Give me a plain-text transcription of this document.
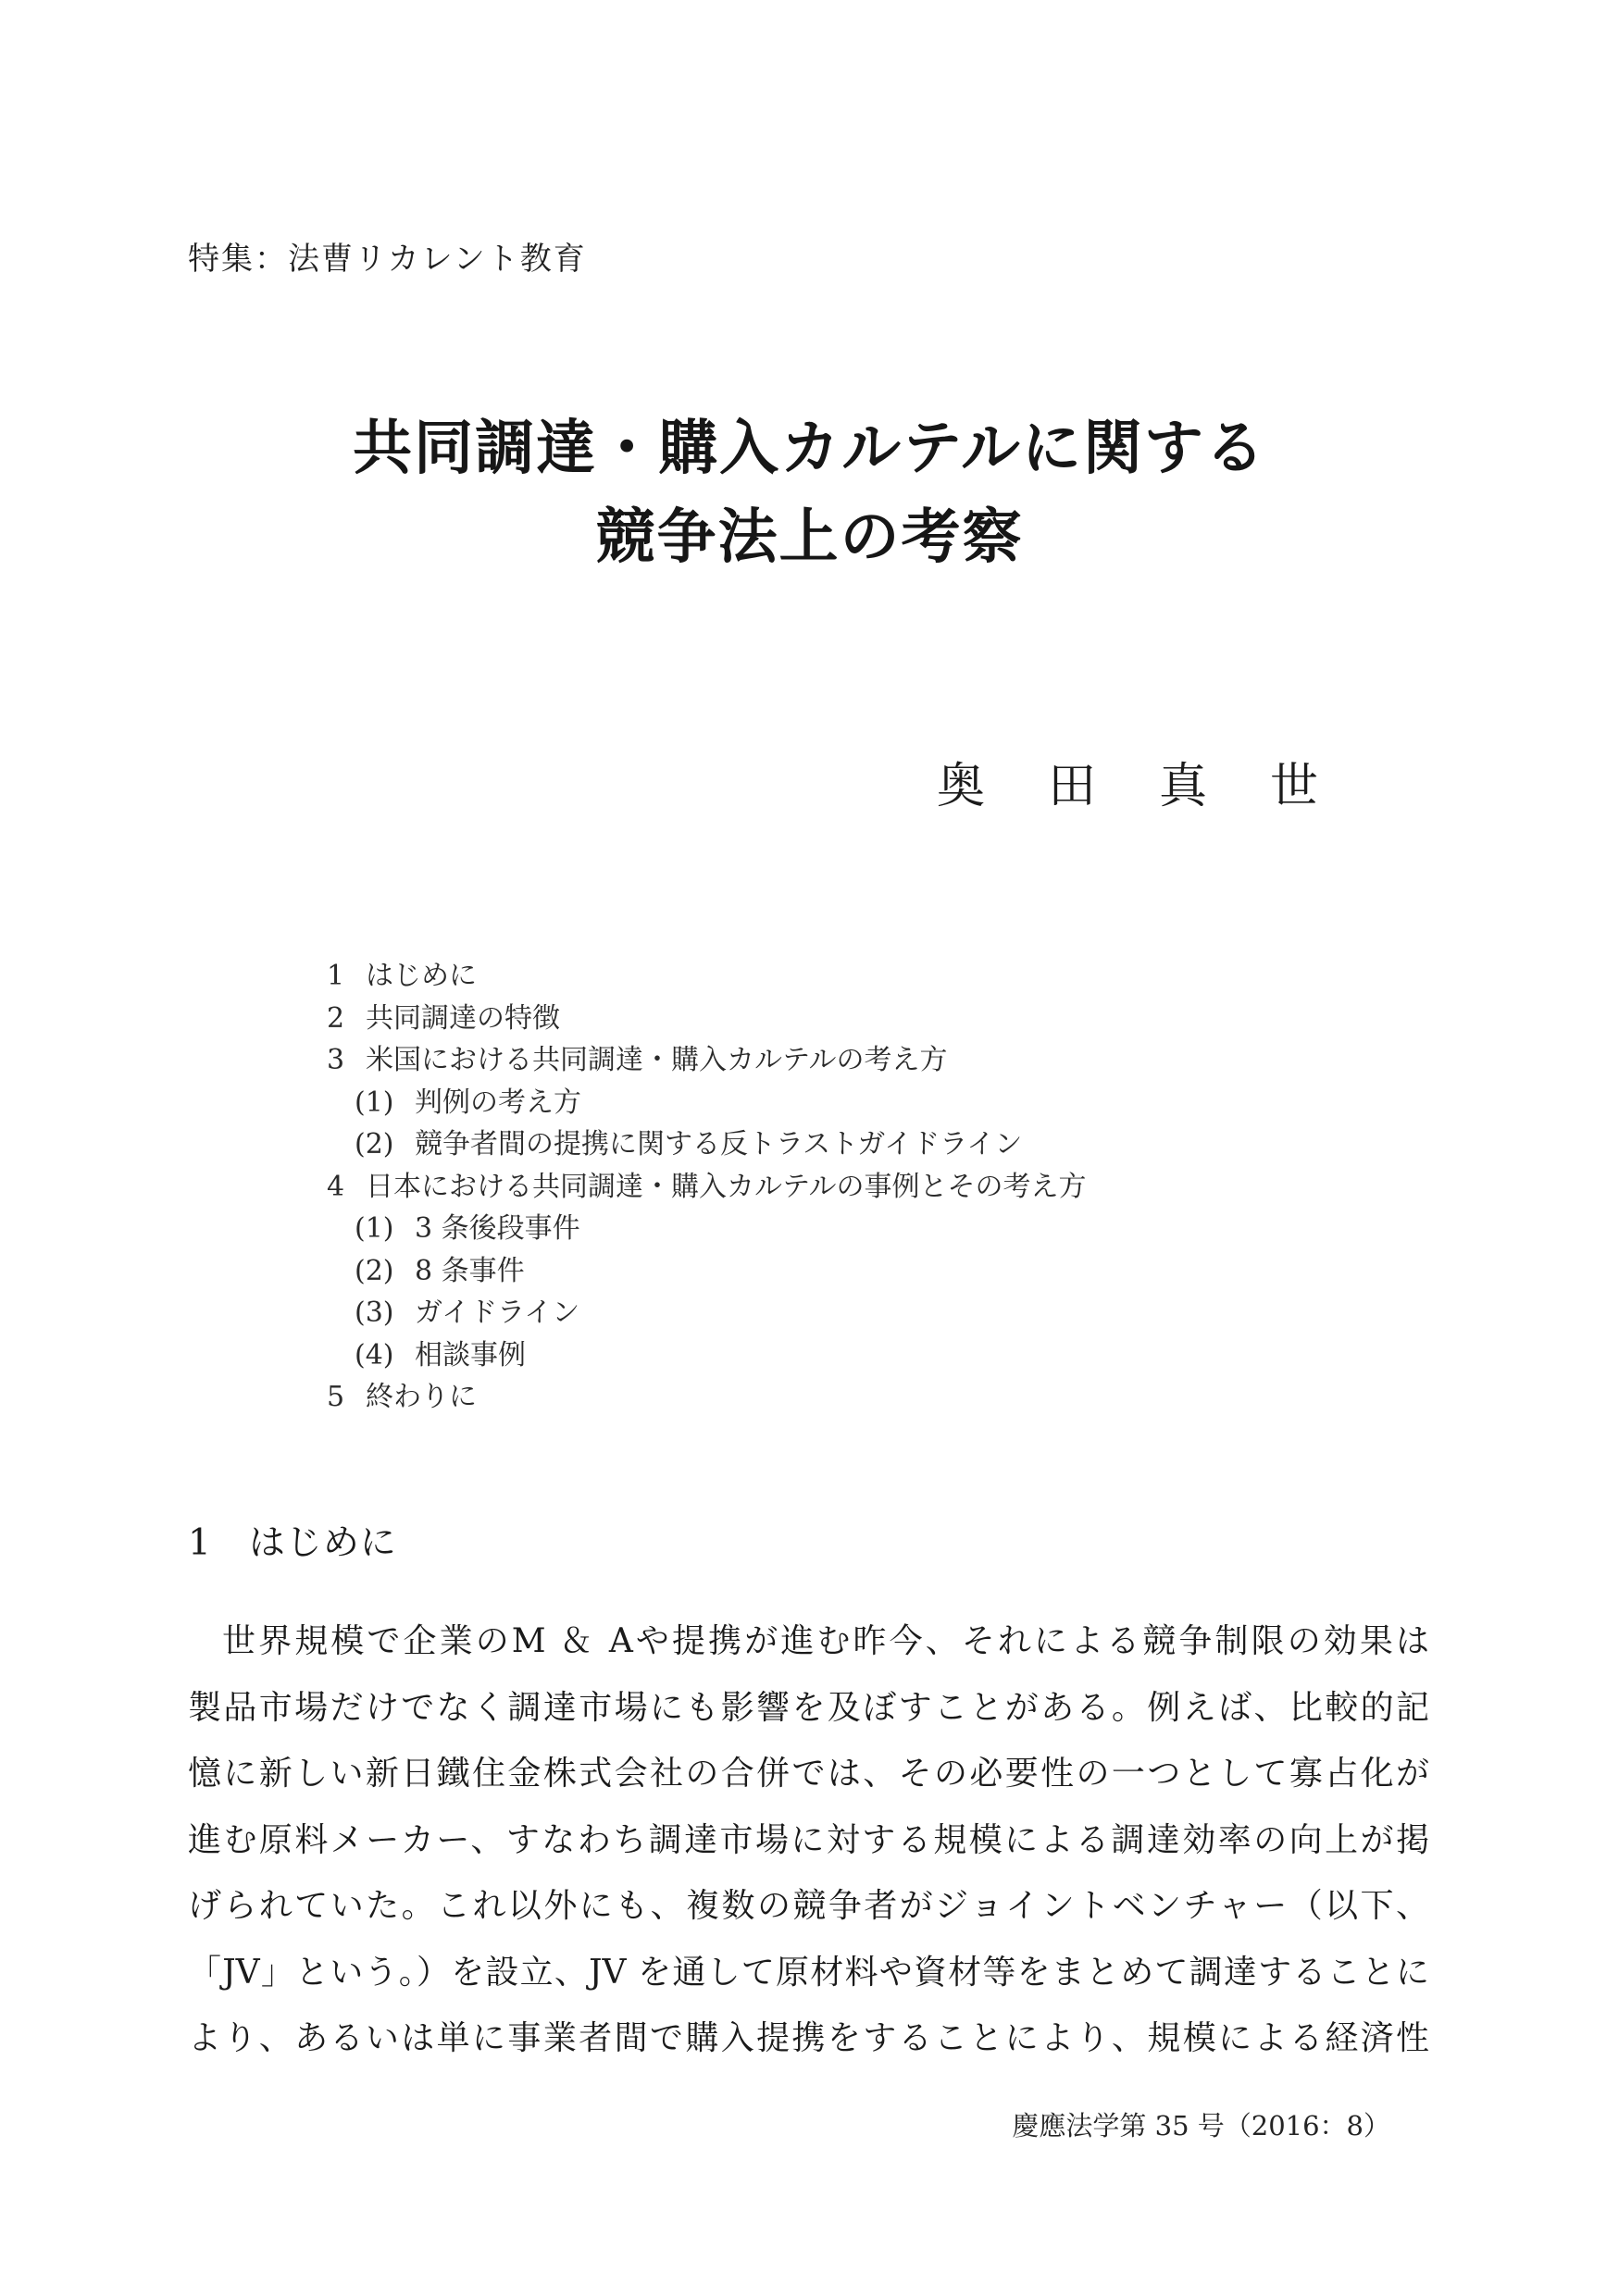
特集：法曹リカレント教育
共同調達・購入カルテルに関する
競争法上の考察
奥 田 真 世
1 はじめに
2 共同調達の特徴
3 米国における共同調達・購入カルテルの考え方
(1) 判例の考え方
(2) 競争者間の提携に関する反トラストガイドライン
4 日本における共同調達・購入カルテルの事例とその考え方
(1) 3 条後段事件
(2) 8 条事件
(3) ガイドライン
(4) 相談事例
5 終わりに
1　はじめに
世界規模で企業のM ＆ Aや提携が進む昨今、それによる競争制限の効果は
製品市場だけでなく調達市場にも影響を及ぼすことがある。例えば、比較的記
憶に新しい新日鐵住金株式会社の合併では、その必要性の一つとして寡占化が
進む原料メーカー、すなわち調達市場に対する規模による調達効率の向上が掲
げられていた。これ以外にも、複数の競争者がジョイントベンチャー（以下、
「JV」という。）を設立、JV を通して原材料や資材等をまとめて調達することに
より、あるいは単に事業者間で購入提携をすることにより、規模による経済性
慶應法学第 35 号（2016：8）
